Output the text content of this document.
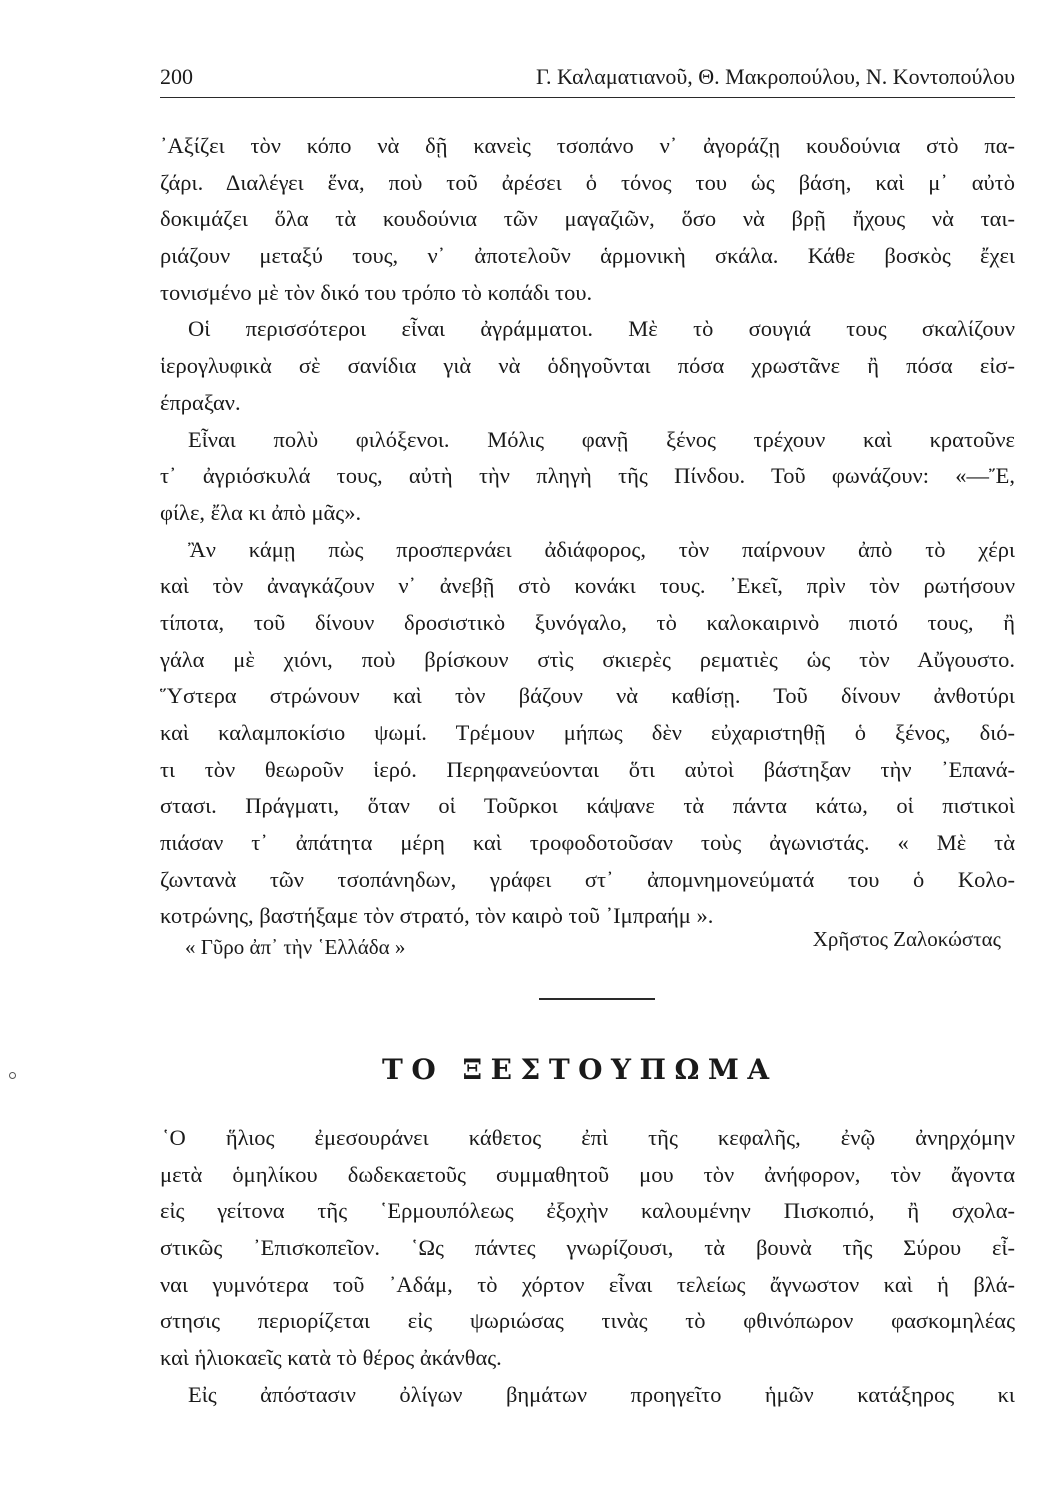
200	Γ. Καλαματιανοῦ, Θ. Μακροπούλου, Ν. Κοντοπούλου
᾽Αξίζει τὸν κόπο νὰ δῇ κανεὶς τσοπάνο ν᾽ ἀγοράζῃ κουδούνια στὸ πα-
ζάρι. Διαλέγει ἕνα, ποὺ τοῦ ἀρέσει ὁ τόνος του ὡς βάση, καὶ μ᾽ αὐτὸ
δοκιμάζει ὅλα τὰ κουδούνια τῶν μαγαζιῶν, ὅσο νὰ βρῇ ἤχους νὰ ται-
ριάζουν μεταξύ τους, ν᾽ ἀποτελοῦν ἁρμονικὴ σκάλα. Κάθε βοσκὸς ἔχει
τονισμένο μὲ τὸν δικό του τρόπο τὸ κοπάδι του.
Οἱ περισσότεροι εἶναι ἀγράμματοι. Μὲ τὸ σουγιά τους σκαλίζουν
ἱερογλυφικὰ σὲ σανίδια γιὰ νὰ ὁδηγοῦνται πόσα χρωστᾶνε ἢ πόσα εἰσ-
έπραξαν.
Εἶναι πολὺ φιλόξενοι. Μόλις φανῇ ξένος τρέχουν καὶ κρατοῦνε
τ᾽ ἀγριόσκυλά τους, αὐτὴ τὴν πληγὴ τῆς Πίνδου. Τοῦ φωνάζουν: «—Ἔ,
φίλε, ἔλα κι ἀπὸ μᾶς».
Ἂν κάμῃ πὼς προσπερνάει ἀδιάφορος, τὸν παίρνουν ἀπὸ τὸ χέρι
καὶ τὸν ἀναγκάζουν ν᾽ ἀνεβῇ στὸ κονάκι τους. ᾽Εκεῖ, πρὶν τὸν ρωτήσουν
τίποτα, τοῦ δίνουν δροσιστικὸ ξυνόγαλο, τὸ καλοκαιρινὸ πιοτό τους, ἢ
γάλα μὲ χιόνι, ποὺ βρίσκουν στὶς σκιερὲς ρεματιὲς ὡς τὸν Αὔγουστο.
Ὕστερα στρώνουν καὶ τὸν βάζουν νὰ καθίσῃ. Τοῦ δίνουν ἀνθοτύρι
καὶ καλαμποκίσιο ψωμί. Τρέμουν μήπως δὲν εὐχαριστηθῇ ὁ ξένος, διό-
τι τὸν θεωροῦν ἱερό. Περηφανεύονται ὅτι αὐτοὶ βάστηξαν τὴν ᾽Επανά-
στασι. Πράγματι, ὅταν οἱ Τοῦρκοι κάψανε τὰ πάντα κάτω, οἱ πιστικοὶ
πιάσαν τ᾽ ἀπάτητα μέρη καὶ τροφοδοτοῦσαν τοὺς ἀγωνιστάς. « Μὲ τὰ
ζωντανὰ τῶν τσοπάνηδων, γράφει στ᾽ ἀπομνημονεύματά του ὁ Κολο-
κοτρώνης, βαστήξαμε τὸν στρατό, τὸν καιρὸ τοῦ ᾽Ιμπραήμ ».
« Γῦρο ἀπ᾽ τὴν ῾Ελλάδα »	Χρῆστος Ζαλοκώστας
ΤΟ ΞΕΣΤΟΥΠΩΜΑ
῾Ο ἥλιος ἐμεσουράνει κάθετος ἐπὶ τῆς κεφαλῆς, ἐνῷ ἀνηρχόμην
μετὰ ὁμηλίκου δωδεκαετοῦς συμμαθητοῦ μου τὸν ἀνήφορον, τὸν ἄγοντα
εἰς γείτονα τῆς ῾Ερμουπόλεως ἐξοχὴν καλουμένην Πισκοπιό, ἢ σχολα-
στικῶς ᾽Επισκοπεῖον. ῾Ως πάντες γνωρίζουσι, τὰ βουνὰ τῆς Σύρου εἶ-
ναι γυμνότερα τοῦ ᾽Αδάμ, τὸ χόρτον εἶναι τελείως ἄγνωστον καὶ ἡ βλά-
στησις περιορίζεται εἰς ψωριώσας τινὰς τὸ φθινόπωρον φασκομηλέας
καὶ ἡλιοκαεῖς κατὰ τὸ θέρος ἀκάνθας.
Εἰς ἀπόστασιν ὀλίγων βημάτων προηγεῖτο ἡμῶν κατάξηρος κι
